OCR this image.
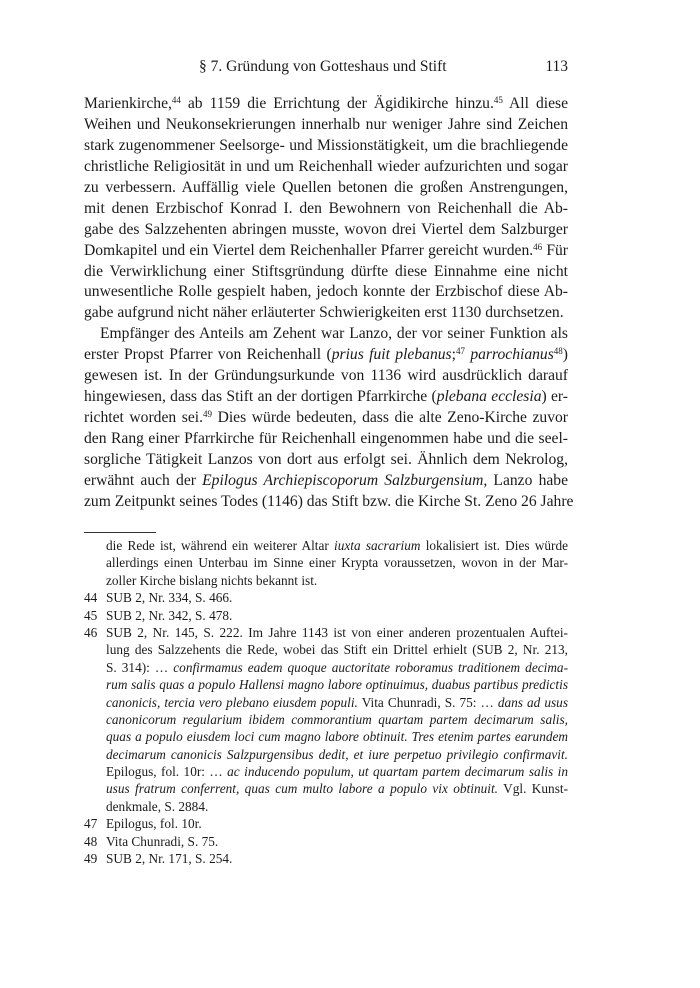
§ 7. Gründung von Gotteshaus und Stift	113
Marienkirche,$^{44}$ ab 1159 die Errichtung der Ägidikirche hinzu.$^{45}$ All diese
Weihen und Neukonsekrierungen innerhalb nur weniger Jahre sind Zeichen
stark zugenommener Seelsorge- und Missionstätigkeit, um die brachliegende
christliche Religiosität in und um Reichenhall wieder aufzurichten und sogar
zu verbessern. Auffällig viele Quellen betonen die großen Anstrengungen,
mit denen Erzbischof Konrad I. den Bewohnern von Reichenhall die Ab-
gabe des Salzzehenten abringen musste, wovon drei Viertel dem Salzburger
Domkapitel und ein Viertel dem Reichenhaller Pfarrer gereicht wurden.$^{46}$ Für
die Verwirklichung einer Stiftsgründung dürfte diese Einnahme eine nicht
unwesentliche Rolle gespielt haben, jedoch konnte der Erzbischof diese Ab-
gabe aufgrund nicht näher erläuterter Schwierigkeiten erst 1130 durchsetzen.
Empfänger des Anteils am Zehent war Lanzo, der vor seiner Funktion als
erster Propst Pfarrer von Reichenhall (prius fuit plebanus;$^{47}$ parrochianus$^{48}$)
gewesen ist. In der Gründungsurkunde von 1136 wird ausdrücklich darauf
hingewiesen, dass das Stift an der dortigen Pfarrkirche (plebana ecclesia) er-
richtet worden sei.$^{49}$ Dies würde bedeuten, dass die alte Zeno-Kirche zuvor
den Rang einer Pfarrkirche für Reichenhall eingenommen habe und die seel-
sorgliche Tätigkeit Lanzos von dort aus erfolgt sei. Ähnlich dem Nekrolog,
erwähnt auch der Epilogus Archiepiscoporum Salzburgensium, Lanzo habe
zum Zeitpunkt seines Todes (1146) das Stift bzw. die Kirche St. Zeno 26 Jahre
die Rede ist, während ein weiterer Altar iuxta sacrarium lokalisiert ist. Dies würde
allerdings einen Unterbau im Sinne einer Krypta voraussetzen, wovon in der Mar-
zoller Kirche bislang nichts bekannt ist.
44 SUB 2, Nr. 334, S. 466.
45 SUB 2, Nr. 342, S. 478.
46 SUB 2, Nr. 145, S. 222. Im Jahre 1143 ist von einer anderen prozentualen Auftei-
lung des Salzzehents die Rede, wobei das Stift ein Drittel erhielt (SUB 2, Nr. 213,
S. 314): … confirmamus eadem quoque auctoritate roboramus traditionem decima-
rum salis quas a populo Hallensi magno labore optinuimus, duabus partibus predictis
canonicis, tercia vero plebano eiusdem populi. Vita Chunradi, S. 75: … dans ad usus
canonicorum regularium ibidem commorantium quartam partem decimarum salis,
quas a populo eiusdem loci cum magno labore obtinuit. Tres etenim partes earundem
decimarum canonicis Salzpurgensibus dedit, et iure perpetuo privilegio confirmavit.
Epilogus, fol. 10r: … ac inducendo populum, ut quartam partem decimarum salis in
usus fratrum conferrent, quas cum multo labore a populo vix obtinuit. Vgl. Kunst-
denkmale, S. 2884.
47 Epilogus, fol. 10r.
48 Vita Chunradi, S. 75.
49 SUB 2, Nr. 171, S. 254.
